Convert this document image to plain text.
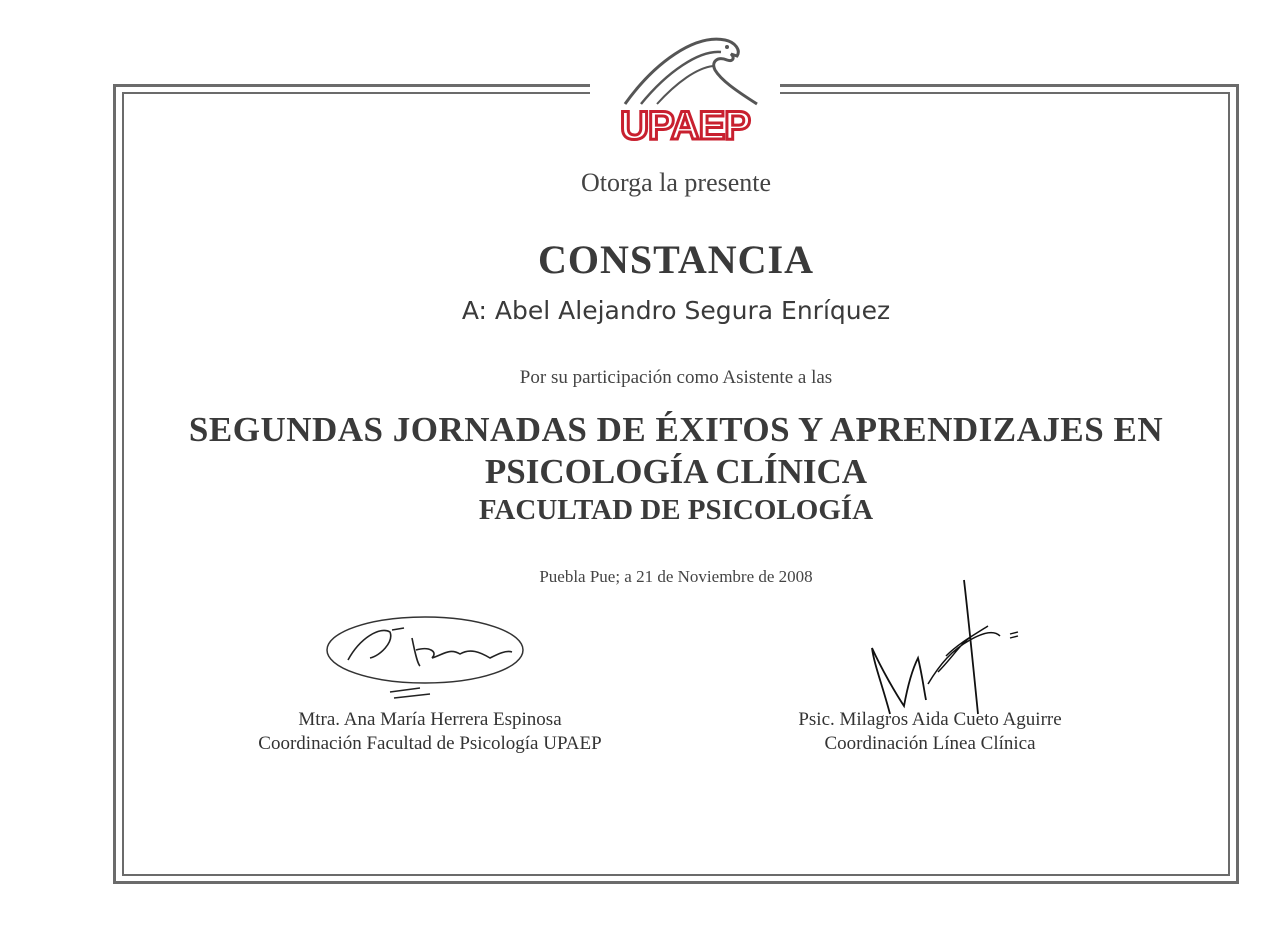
UPAEP
Otorga la presente
CONSTANCIA
A: Abel Alejandro Segura Enríquez
Por su participación como Asistente a las
SEGUNDAS JORNADAS DE ÉXITOS Y APRENDIZAJES EN
PSICOLOGÍA CLÍNICA
FACULTAD DE PSICOLOGÍA
Puebla Pue; a 21 de Noviembre de 2008
Mtra. Ana María Herrera Espinosa
Coordinación Facultad de Psicología UPAEP
Psic. Milagros Aida Cueto Aguirre
Coordinación Línea Clínica
